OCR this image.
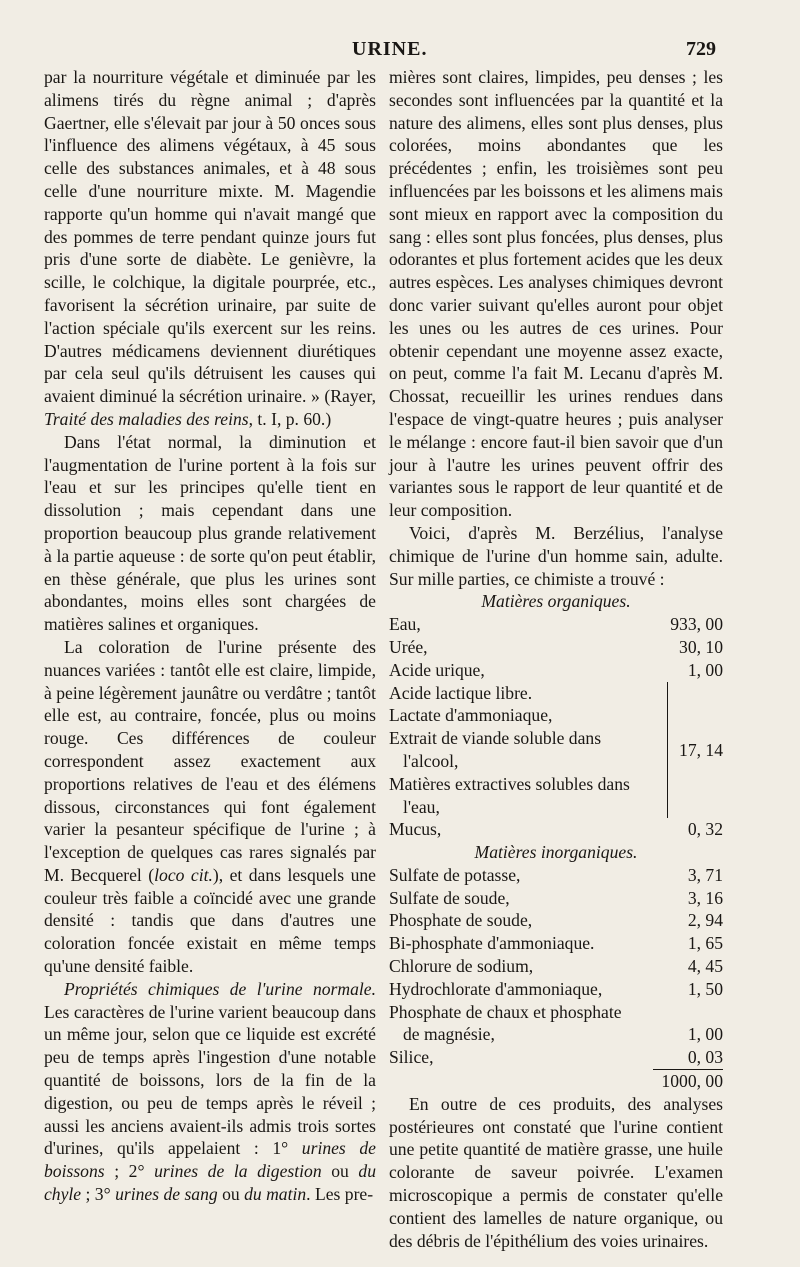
URINE.	729

par la nourriture végétale et diminuée par les alimens tirés du règne animal ; d'après Gaertner, elle s'élevait par jour à 50 onces sous l'influence des alimens végétaux, à 45 sous celle des substances animales, et à 48 sous celle d'une nourriture mixte. M. Magendie rapporte qu'un homme qui n'avait mangé que des pommes de terre pendant quinze jours fut pris d'une sorte de diabète. Le genièvre, la scille, le colchique, la digitale pourprée, etc., favorisent la sécrétion urinaire, par suite de l'action spéciale qu'ils exercent sur les reins. D'autres médicamens deviennent diurétiques par cela seul qu'ils détruisent les causes qui avaient diminué la sécrétion urinaire. » (Rayer, Traité des maladies des reins, t. I, p. 60.)

Dans l'état normal, la diminution et l'augmentation de l'urine portent à la fois sur l'eau et sur les principes qu'elle tient en dissolution ; mais cependant dans une proportion beaucoup plus grande relativement à la partie aqueuse : de sorte qu'on peut établir, en thèse générale, que plus les urines sont abondantes, moins elles sont chargées de matières salines et organiques.

La coloration de l'urine présente des nuances variées : tantôt elle est claire, limpide, à peine légèrement jaunâtre ou verdâtre ; tantôt elle est, au contraire, foncée, plus ou moins rouge. Ces différences de couleur correspondent assez exactement aux proportions relatives de l'eau et des élémens dissous, circonstances qui font également varier la pesanteur spécifique de l'urine ; à l'exception de quelques cas rares signalés par M. Becquerel (loco cit.), et dans lesquels une couleur très faible a coïncidé avec une grande densité : tandis que dans d'autres une coloration foncée existait en même temps qu'une densité faible.

Propriétés chimiques de l'urine normale. Les caractères de l'urine varient beaucoup dans un même jour, selon que ce liquide est excrété peu de temps après l'ingestion d'une notable quantité de boissons, lors de la fin de la digestion, ou peu de temps après le réveil ; aussi les anciens avaient-ils admis trois sortes d'urines, qu'ils appelaient : 1° urines de boissons ; 2° urines de la digestion ou du chyle ; 3° urines de sang ou du matin. Les pre-

mières sont claires, limpides, peu denses ; les secondes sont influencées par la quantité et la nature des alimens, elles sont plus denses, plus colorées, moins abondantes que les précédentes ; enfin, les troisièmes sont peu influencées par les boissons et les alimens mais sont mieux en rapport avec la composition du sang : elles sont plus foncées, plus denses, plus odorantes et plus fortement acides que les deux autres espèces. Les analyses chimiques devront donc varier suivant qu'elles auront pour objet les unes ou les autres de ces urines. Pour obtenir cependant une moyenne assez exacte, on peut, comme l'a fait M. Lecanu d'après M. Chossat, recueillir les urines rendues dans l'espace de vingt-quatre heures ; puis analyser le mélange : encore faut-il bien savoir que d'un jour à l'autre les urines peuvent offrir des variantes sous le rapport de leur quantité et de leur composition.

Voici, d'après M. Berzélius, l'analyse chimique de l'urine d'un homme sain, adulte. Sur mille parties, ce chimiste a trouvé :

Matières organiques.

Eau,	933, 00
Urée,	30, 10
Acide urique,	1, 00
Acide lactique libre.
Lactate d'ammoniaque,
Extrait de viande soluble dans
l'alcool,
Matières extractives solubles dans
l'eau,
	17, 14
Mucus,	0, 32

Matières inorganiques.

Sulfate de potasse,	3, 71
Sulfate de soude,	3, 16
Phosphate de soude,	2, 94
Bi-phosphate d'ammoniaque.	1, 65
Chlorure de sodium,	4, 45
Hydrochlorate d'ammoniaque,	1, 50
Phosphate de chaux et phosphate	
de magnésie,	1, 00
Silice,	0, 03
	1000, 00

En outre de ces produits, des analyses postérieures ont constaté que l'urine contient une petite quantité de matière grasse, une huile colorante de saveur poivrée. L'examen microscopique a permis de constater qu'elle contient des lamelles de nature organique, ou des débris de l'épithélium des voies urinaires.
